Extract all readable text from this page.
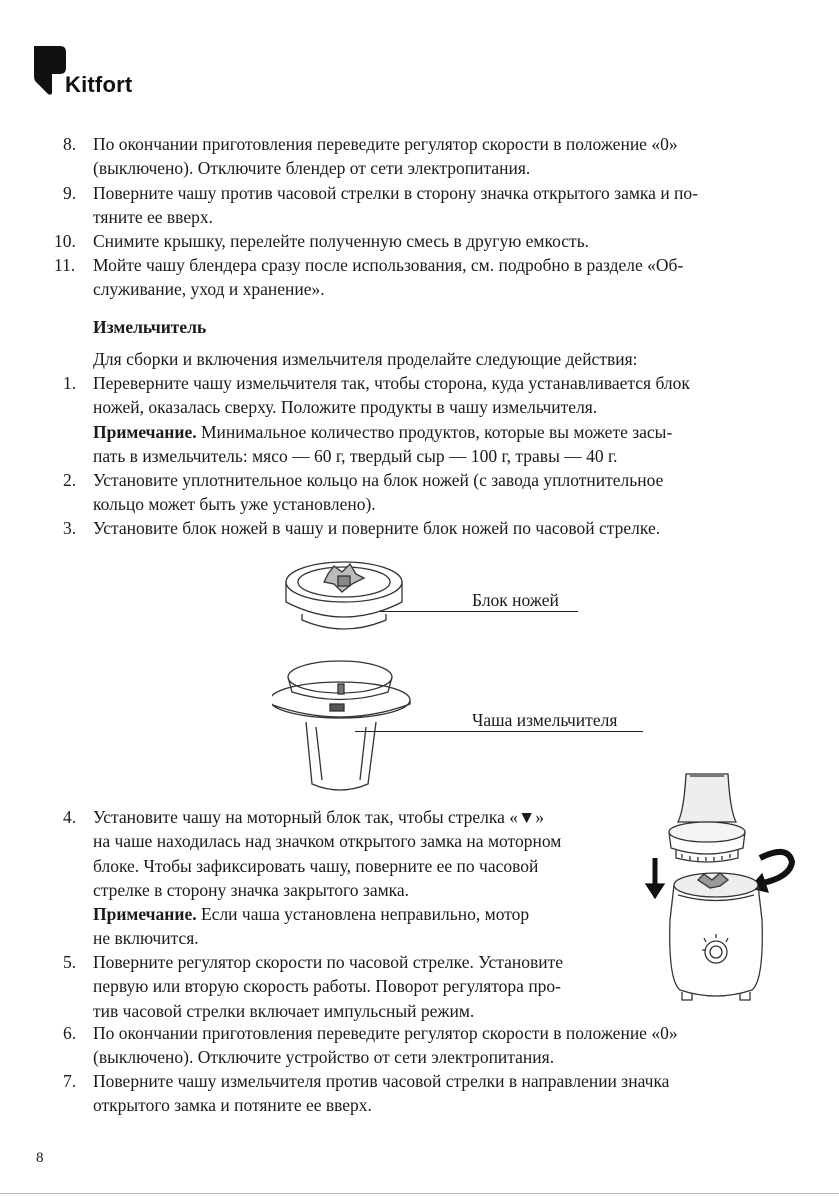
Kitfort
8. По окончании приготовления переведите регулятор скорости в положение «0»
(выключено). Отключите блендер от сети электропитания.
9. Поверните чашу против часовой стрелки в сторону значка открытого замка и по-
тяните ее вверх.
10. Снимите крышку, перелейте полученную смесь в другую емкость.
11. Мойте чашу блендера сразу после использования, см. подробно в разделе «Об-
служивание, уход и хранение».
Измельчитель
Для сборки и включения измельчителя проделайте следующие действия:
1. Переверните чашу измельчителя так, чтобы сторона, куда устанавливается блок
ножей, оказалась сверху. Положите продукты в чашу измельчителя.
Примечание. Минимальное количество продуктов, которые вы можете засы-
пать в измельчитель: мясо — 60 г, твердый сыр — 100 г, травы — 40 г.
2. Установите уплотнительное кольцо на блок ножей (с завода уплотнительное
кольцо может быть уже установлено).
3. Установите блок ножей в чашу и поверните блок ножей по часовой стрелке.
Блок ножей
Чаша измельчителя
4. Установите чашу на моторный блок так, чтобы стрелка «▼»
на чаше находилась над значком открытого замка на моторном
блоке. Чтобы зафиксировать чашу, поверните ее по часовой
стрелке в сторону значка закрытого замка.
Примечание. Если чаша установлена неправильно, мотор
не включится.
5. Поверните регулятор скорости по часовой стрелке. Установите
первую или вторую скорость работы. Поворот регулятора про-
тив часовой стрелки включает импульсный режим.
6. По окончании приготовления переведите регулятор скорости в положение «0»
(выключено). Отключите устройство от сети электропитания.
7. Поверните чашу измельчителя против часовой стрелки в направлении значка
открытого замка и потяните ее вверх.
8
